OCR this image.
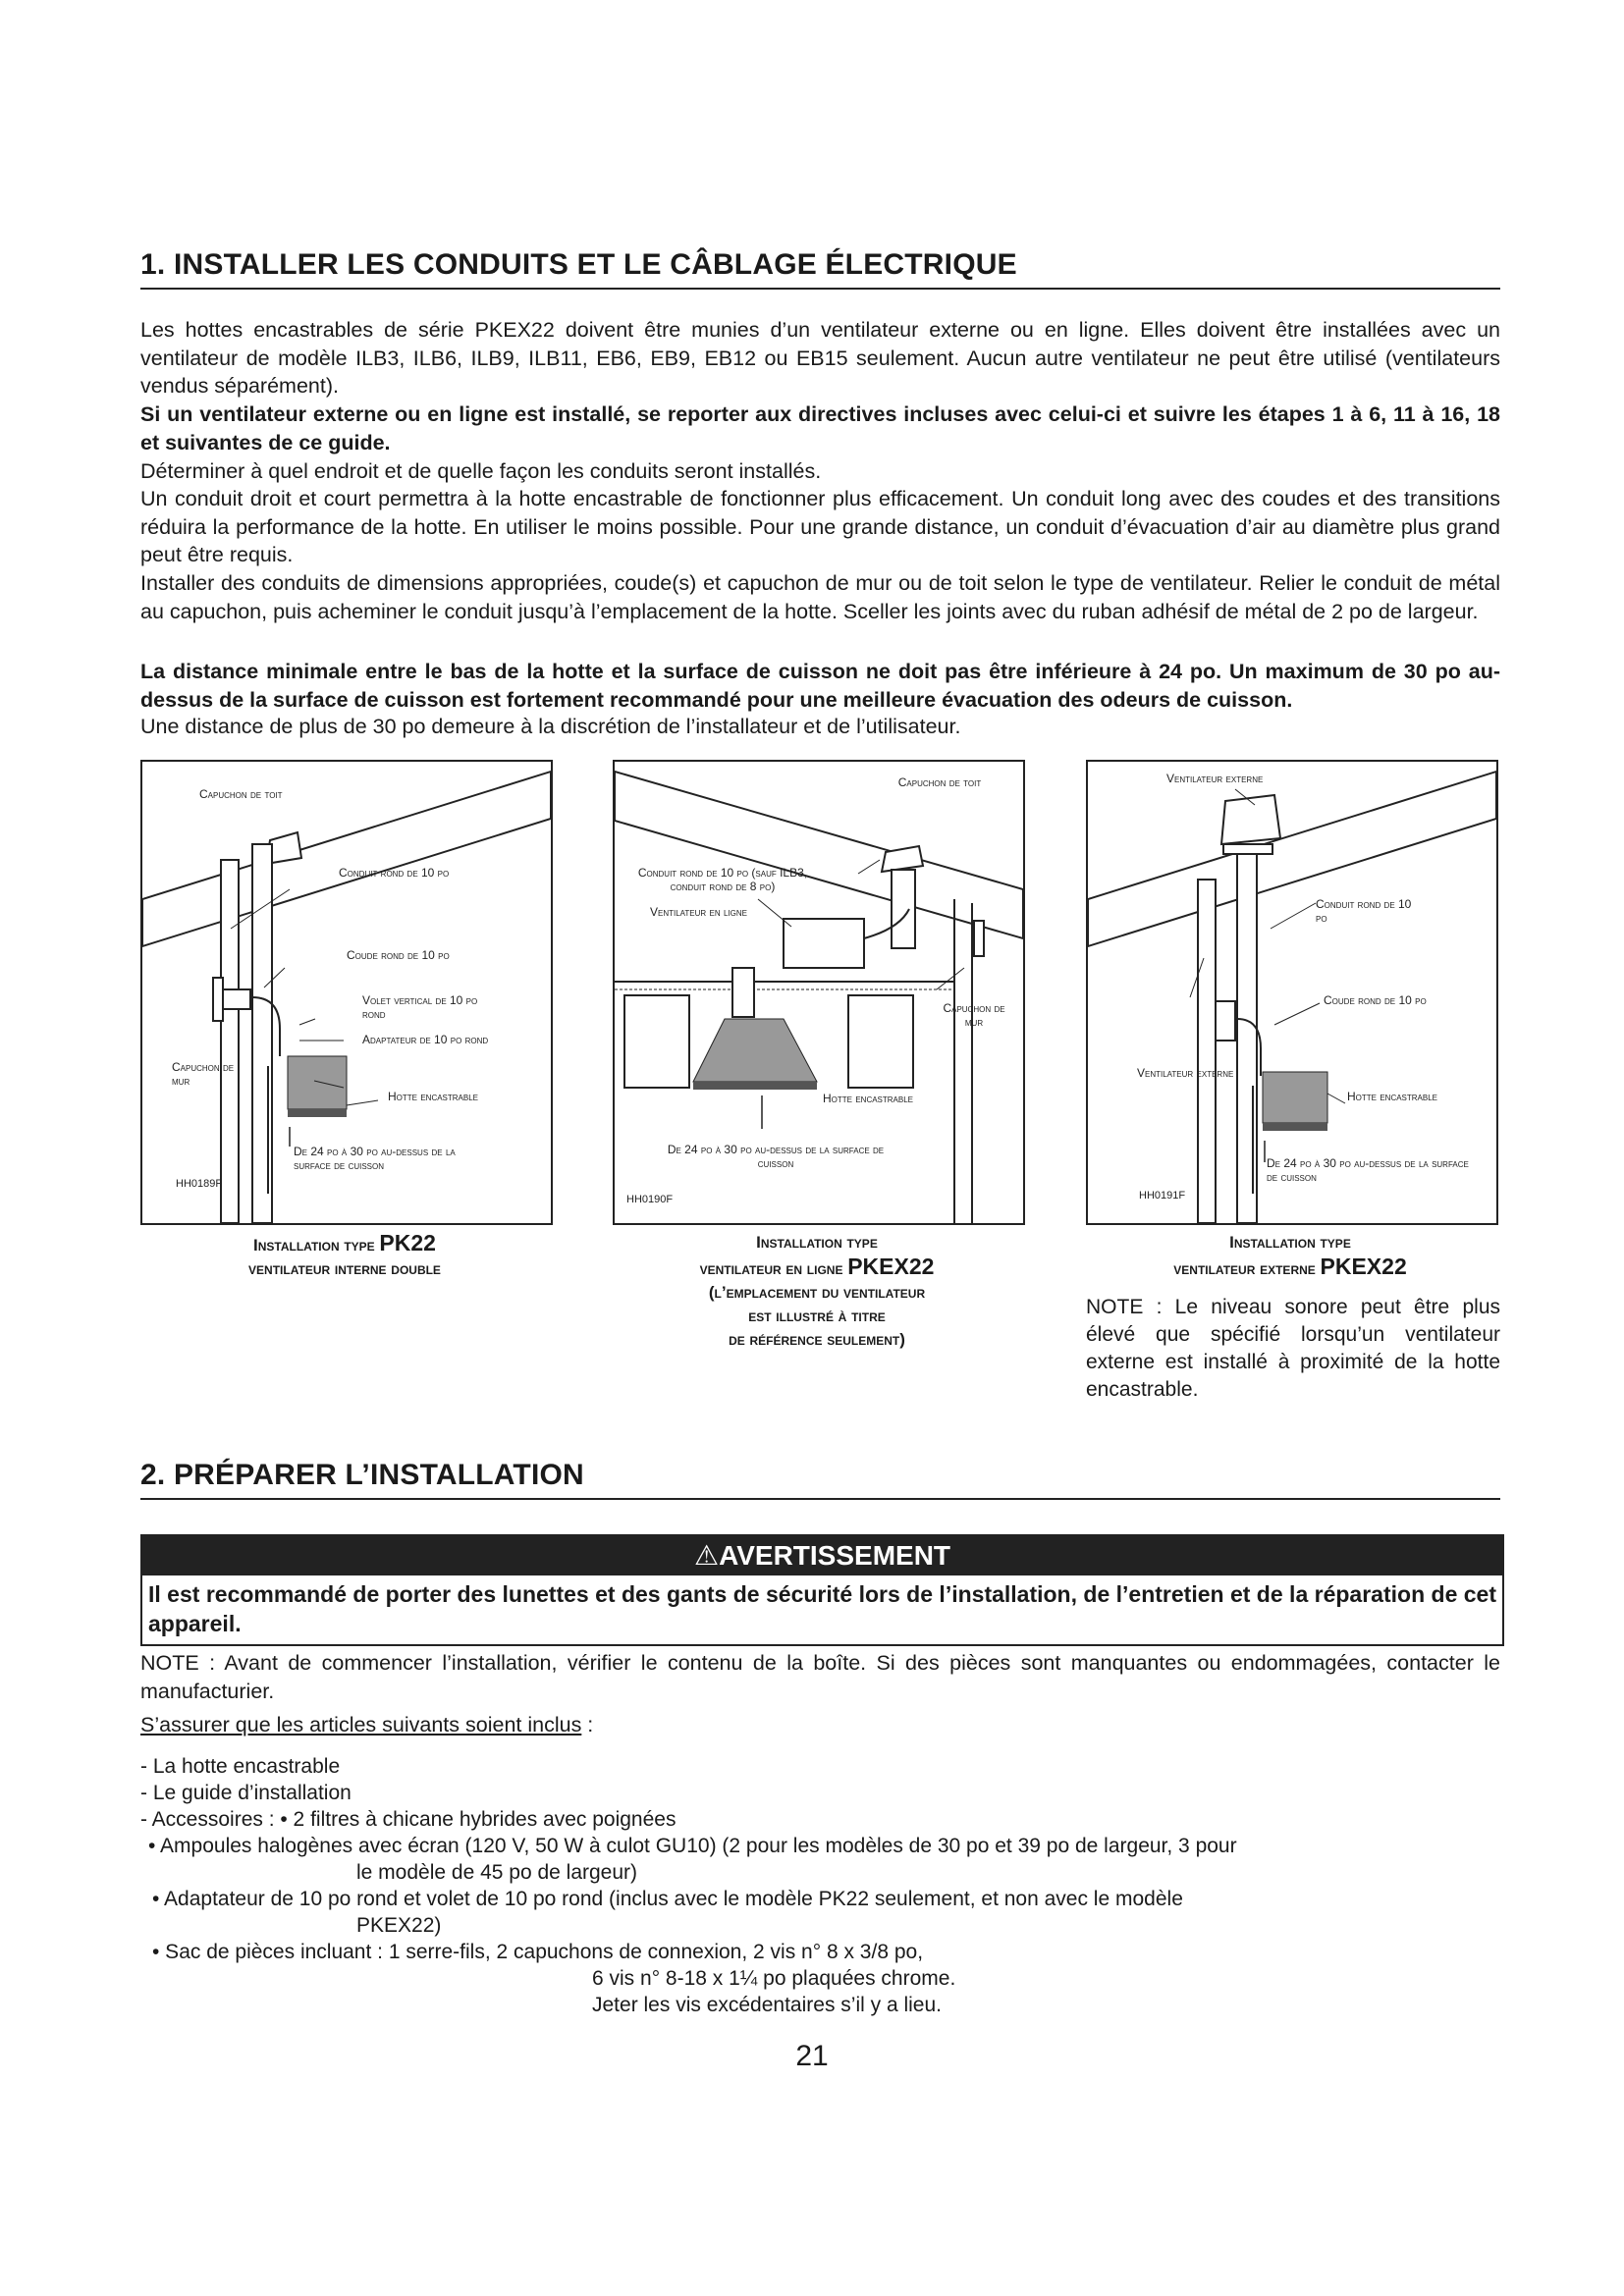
1. INSTALLER LES CONDUITS ET LE CÂBLAGE ÉLECTRIQUE

Les hottes encastrables de série PKEX22 doivent être munies d’un ventilateur externe ou en ligne. Elles doivent être installées avec un ventilateur de modèle ILB3, ILB6, ILB9, ILB11, EB6, EB9, EB12 ou EB15 seulement. Aucun autre ventilateur ne peut être utilisé (ventilateurs vendus séparément).

Si un ventilateur externe ou en ligne est installé, se reporter aux directives incluses avec celui-ci et suivre les étapes 1 à 6, 11 à 16, 18 et suivantes de ce guide.

Déterminer à quel endroit et de quelle façon les conduits seront installés.

Un conduit droit et court permettra à la hotte encastrable de fonctionner plus efficacement. Un conduit long avec des coudes et des transitions réduira la performance de la hotte. En utiliser le moins possible. Pour une grande distance, un conduit d’évacuation d’air au diamètre plus grand peut être requis.

Installer des conduits de dimensions appropriées, coude(s) et capuchon de mur ou de toit selon le type de ventilateur. Relier le conduit de métal au capuchon, puis acheminer le conduit jusqu’à l’emplacement de la hotte. Sceller les joints avec du ruban adhésif de métal de 2 po de largeur.

La distance minimale entre le bas de la hotte et la surface de cuisson ne doit pas être inférieure à 24 po. Un maximum de 30 po au-dessus de la surface de cuisson est fortement recommandé pour une meilleure évacuation des odeurs de cuisson.

Une distance de plus de 30 po demeure à la discrétion de l’installateur et de l’utilisateur.

Capuchon de toit
Conduit rond de 10 po
Coude rond de 10 po
Volet vertical de 10 po rond
Adaptateur de 10 po rond
Capuchon de mur
Hotte encastrable
De 24 po à 30 po au-dessus de la surface de cuisson
HH0189F
Installation type PK22
ventilateur interne double
Capuchon de toit
Conduit rond de 10 po (sauf ILB3, conduit rond de 8 po)
Ventilateur en ligne
Capuchon de mur
Hotte encastrable
De 24 po à 30 po au-dessus de la surface de cuisson
HH0190F
Installation type
ventilateur en ligne PKEX22
(l’emplacement du ventilateur
est illustré à titre
de référence seulement)
Ventilateur externe
Conduit rond de 10 po
Coude rond de 10 po
Ventilateur externe
Hotte encastrable
De 24 po à 30 po au-dessus de la surface de cuisson
HH0191F
Installation type
ventilateur externe PKEX22
NOTE : Le niveau sonore peut être plus élevé que spécifié lorsqu’un ventilateur externe est installé à proximité de la hotte encastrable.
2. PRÉPARER L’INSTALLATION
⚠AVERTISSEMENT
Il est recommandé de porter des lunettes et des gants de sécurité lors de l’installation, de l’entretien et de la réparation de cet appareil.

NOTE : Avant de commencer l’installation, vérifier le contenu de la boîte. Si des pièces sont manquantes ou endommagées, contacter le manufacturier.

S’assurer que les articles suivants soient inclus :

- La hotte encastrable
- Le guide d’installation
- Accessoires : • 2 filtres à chicane hybrides avec poignées
• Ampoules halogènes avec écran (120 V, 50 W à culot GU10) (2 pour les modèles de 30 po et 39 po de largeur, 3 pour
le modèle de 45 po de largeur)
• Adaptateur de 10 po rond et volet de 10 po rond (inclus avec le modèle PK22 seulement, et non avec le modèle
PKEX22)
• Sac de pièces incluant : 1 serre-fils, 2 capuchons de connexion, 2 vis n° 8 x 3/8 po,
6 vis n° 8-18 x 1¼ po plaquées chrome.
Jeter les vis excédentaires s’il y a lieu.
21
